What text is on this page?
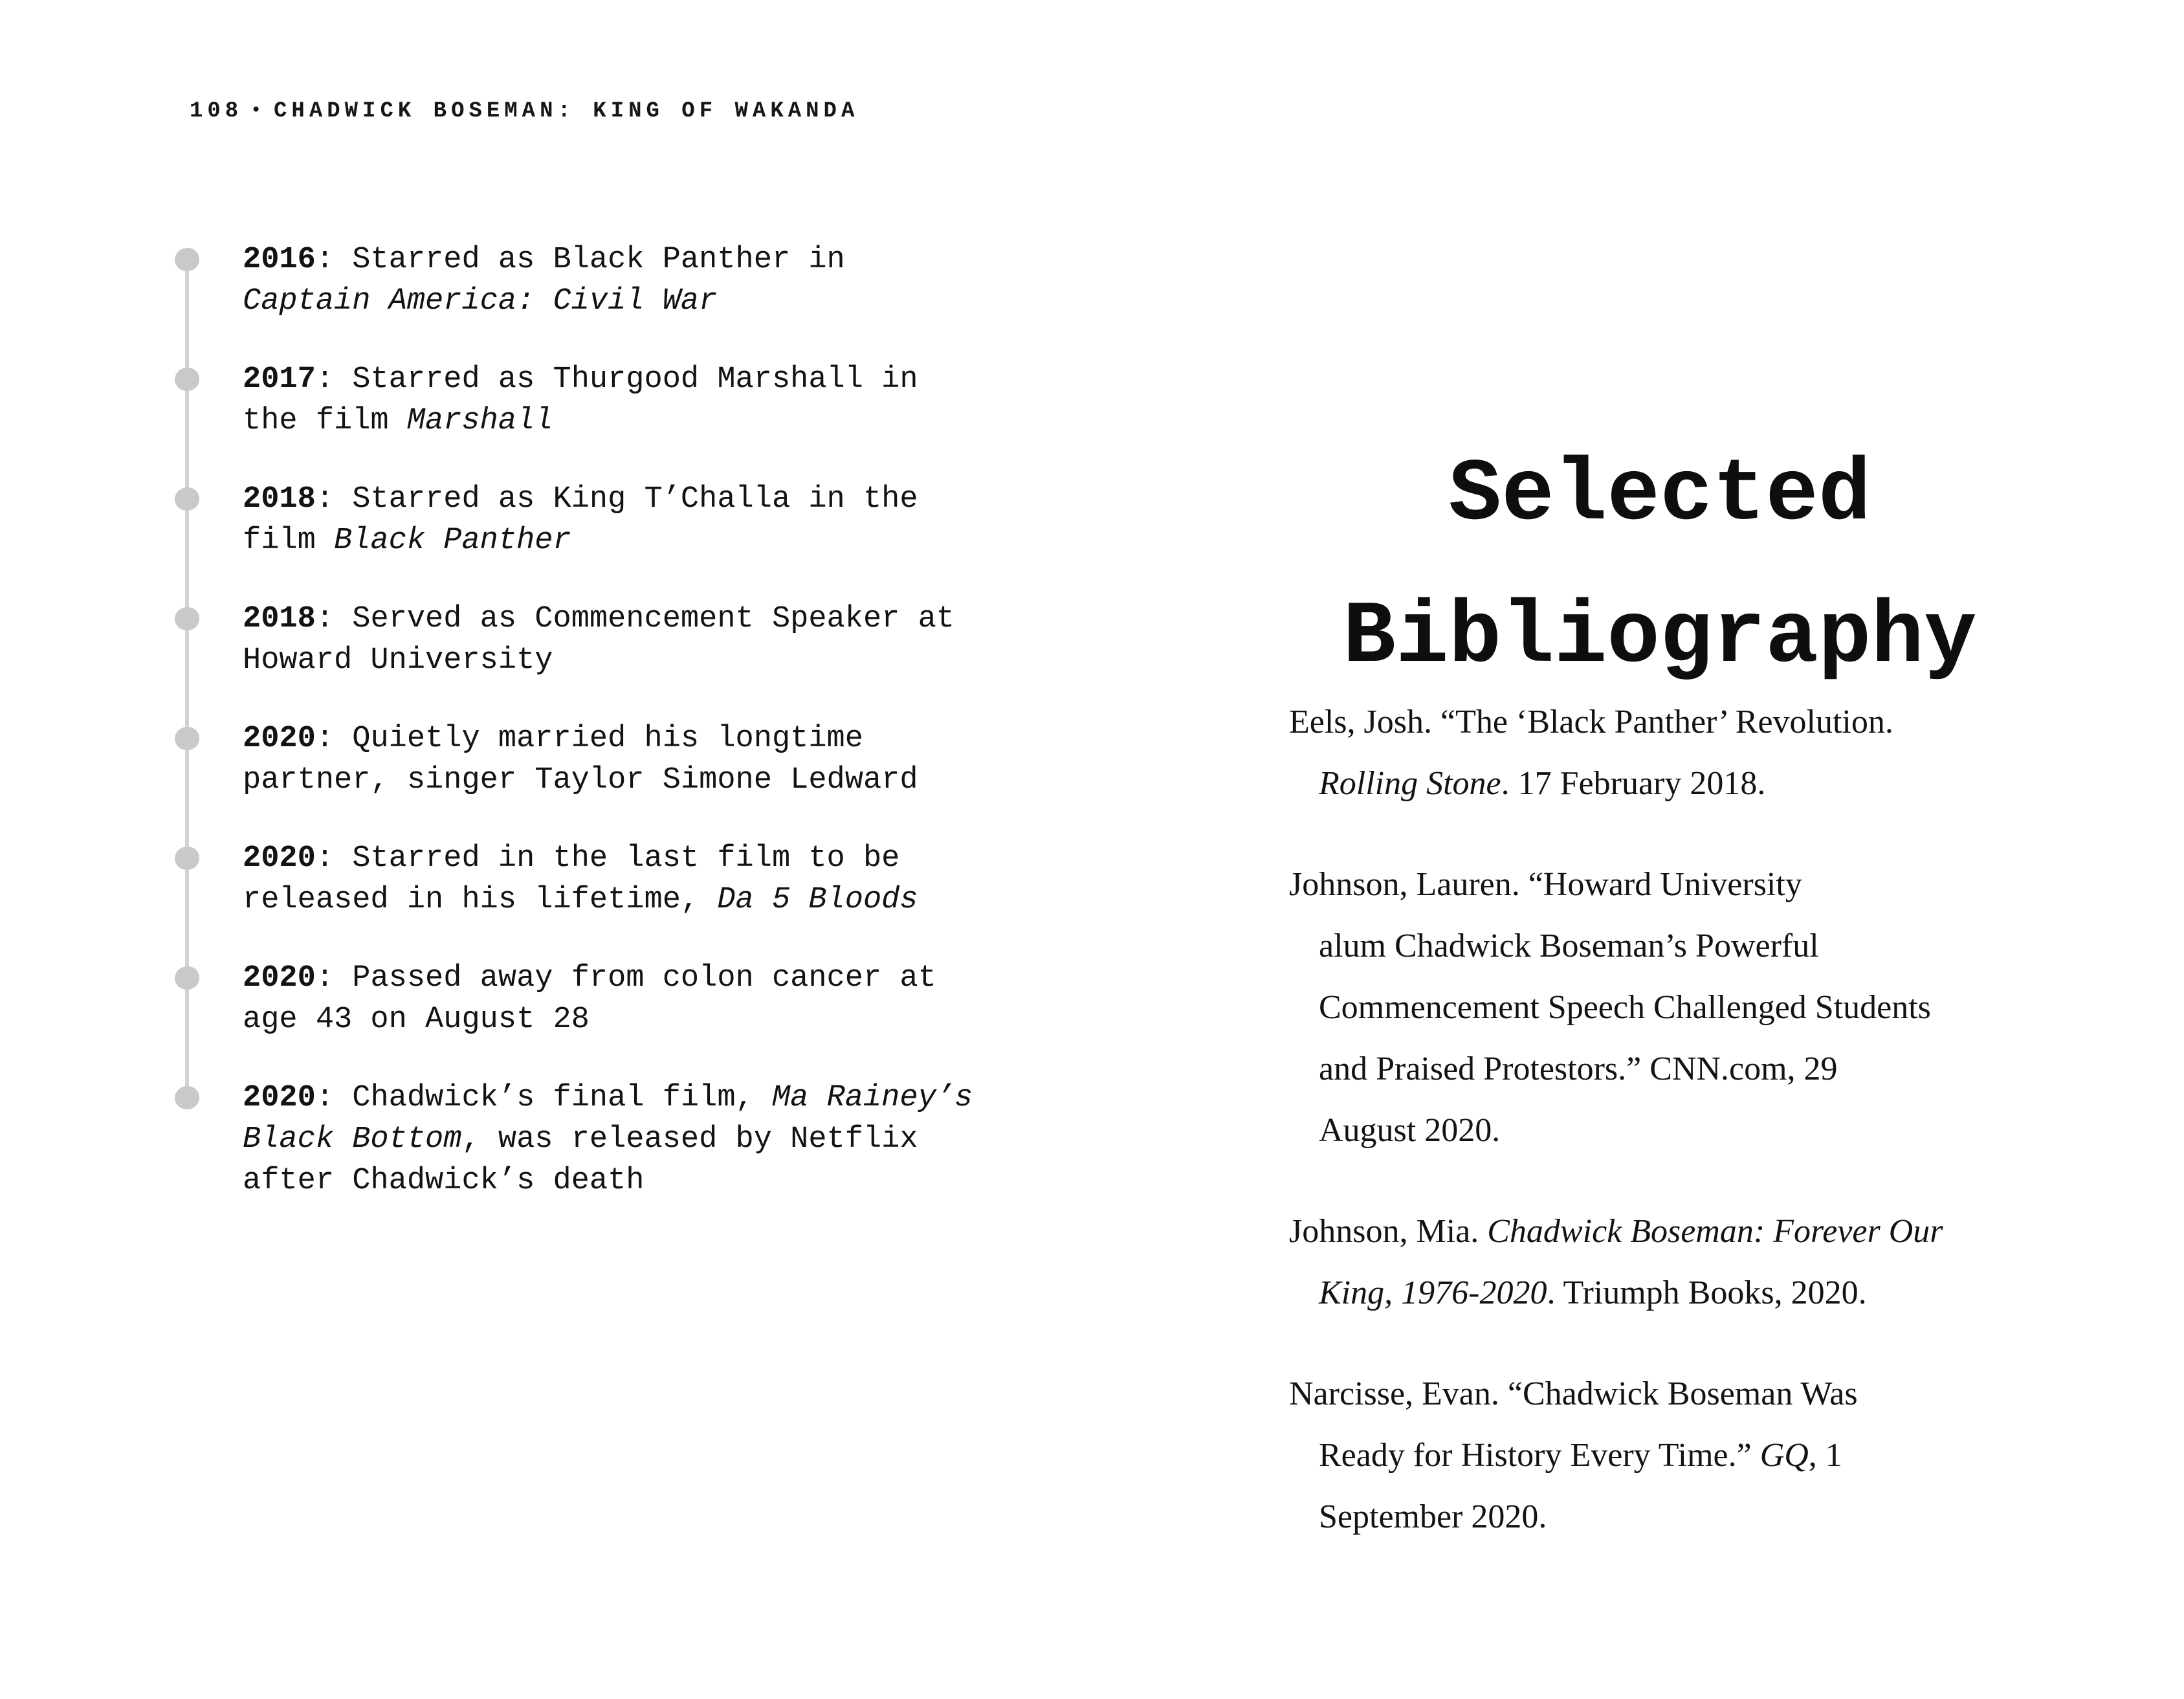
108 • CHADWICK BOSEMAN: KING OF WAKANDA
2016: Starred as Black Panther in
Captain America: Civil War
2017: Starred as Thurgood Marshall in
the film Marshall
2018: Starred as King T’Challa in the
film Black Panther
2018: Served as Commencement Speaker at
Howard University
2020: Quietly married his longtime
partner, singer Taylor Simone Ledward
2020: Starred in the last film to be
released in his lifetime, Da 5 Bloods
2020: Passed away from colon cancer at
age 43 on August 28
2020: Chadwick’s final film, Ma Rainey’s
Black Bottom, was released by Netflix
after Chadwick’s death
Selected
Bibliography
Eels, Josh. “The ‘Black Panther’ Revolution.
Rolling Stone. 17 February 2018.
Johnson, Lauren. “Howard University
alum Chadwick Boseman’s Powerful
Commencement Speech Challenged Students
and Praised Protestors.” CNN.com, 29
August 2020.
Johnson, Mia. Chadwick Boseman: Forever Our
King, 1976-2020. Triumph Books, 2020.
Narcisse, Evan. “Chadwick Boseman Was
Ready for History Every Time.” GQ, 1
September 2020.
